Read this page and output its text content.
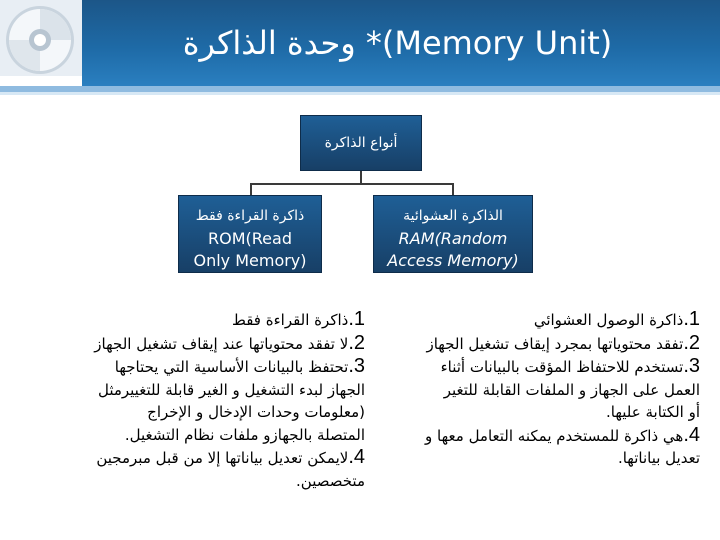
وحدة الذاكرة *(Memory Unit)
أنواع الذاكرة
ذاكرة القراءة فقط
ROM(Read
Only Memory)
الذاكرة العشوائية
RAM(Random
Access Memory)
‎1.ذاكرة الوصول العشوائي
‎2.تفقد محتوياتها بمجرد إيقاف تشغيل الجهاز
‎3.تستخدم للاحتفاظ المؤقت بالبيانات أثناء
العمل على الجهاز و الملفات القابلة للتغير
أو الكتابة عليها.
‎4.هي ذاكرة للمستخدم يمكنه التعامل معها و
تعديل بياناتها.
‎1.ذاكرة القراءة فقط
‎2.لا تفقد محتوياتها عند إيقاف تشغيل الجهاز
‎3.تحتفظ بالبيانات الأساسية التي يحتاجها
الجهاز لبدء التشغيل و الغير قابلة للتغييرمثل
(معلومات وحدات الإدخال و الإخراج
المتصلة بالجهازو ملفات نظام التشغيل.
‎4.لايمكن تعديل بياناتها إلا من قبل مبرمجين
متخصصين.
